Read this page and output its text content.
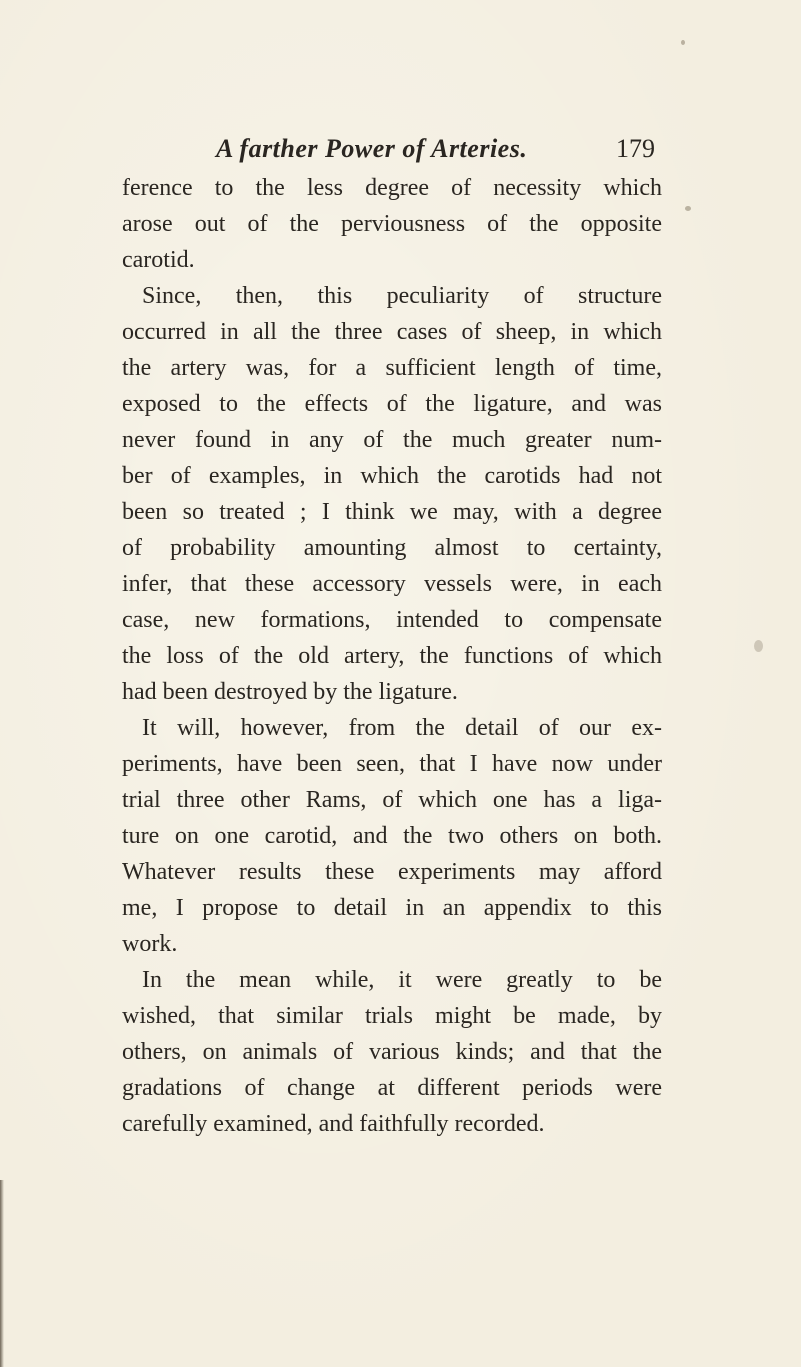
A farther Power of Arteries.	179
ference to the less degree of necessity which
arose out of the perviousness of the opposite
carotid.
Since, then, this peculiarity of structure
occurred in all the three cases of sheep, in which
the artery was, for a sufficient length of time,
exposed to the effects of the ligature, and was
never found in any of the much greater num-
ber of examples, in which the carotids had not
been so treated ; I think we may, with a degree
of probability amounting almost to certainty,
infer, that these accessory vessels were, in each
case, new formations, intended to compensate
the loss of the old artery, the functions of which
had been destroyed by the ligature.
It will, however, from the detail of our ex-
periments, have been seen, that I have now under
trial three other Rams, of which one has a liga-
ture on one carotid, and the two others on both.
Whatever results these experiments may afford
me, I propose to detail in an appendix to this
work.
In the mean while, it were greatly to be
wished, that similar trials might be made, by
others, on animals of various kinds; and that the
gradations of change at different periods were
carefully examined, and faithfully recorded.
